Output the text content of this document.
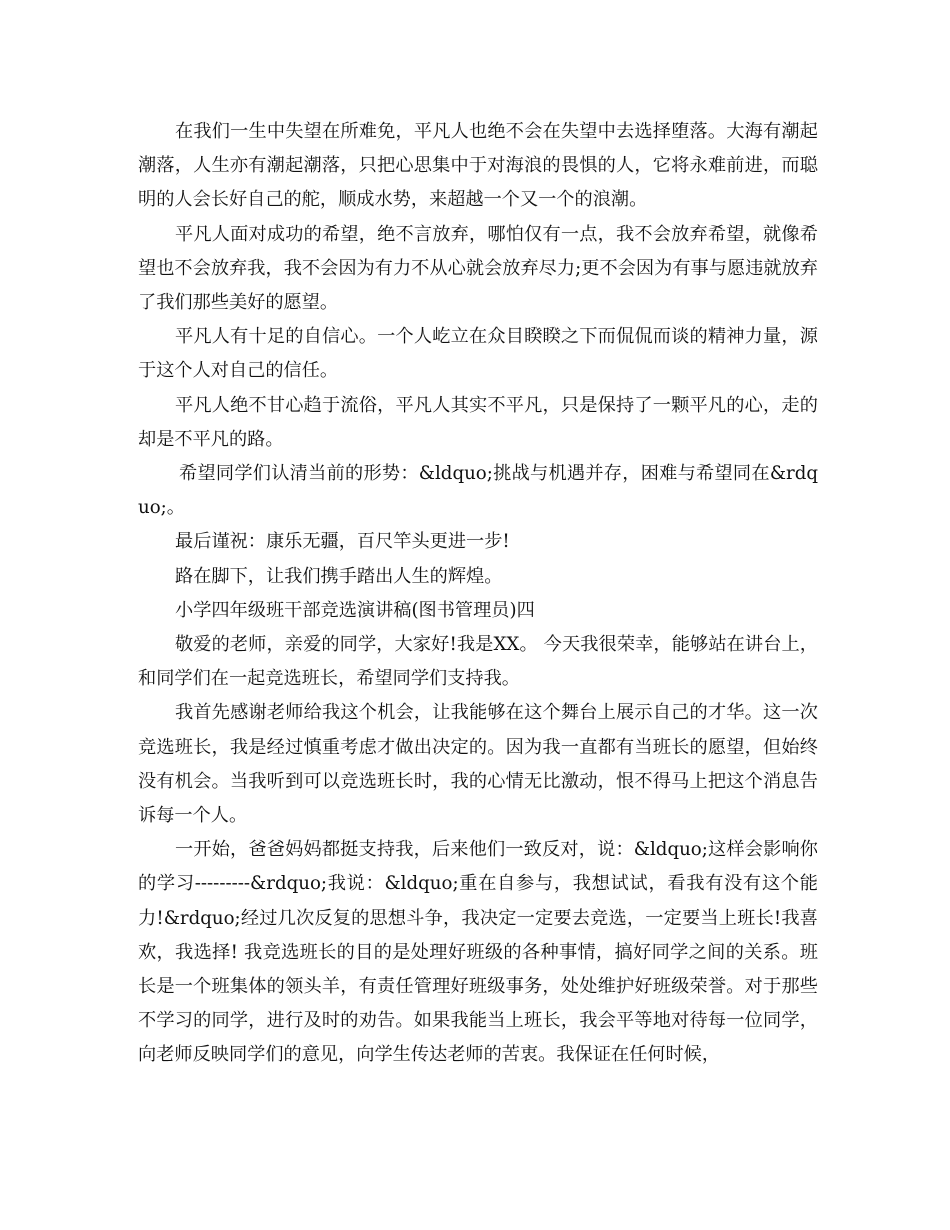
在我们一生中失望在所难免，平凡人也绝不会在失望中去选择堕落。大海有潮起潮落，人生亦有潮起潮落，只把心思集中于对海浪的畏惧的人，它将永难前进，而聪明的人会长好自己的舵，顺成水势，来超越一个又一个的浪潮。

平凡人面对成功的希望，绝不言放弃，哪怕仅有一点，我不会放弃希望，就像希望也不会放弃我，我不会因为有力不从心就会放弃尽力;更不会因为有事与愿违就放弃了我们那些美好的愿望。

平凡人有十足的自信心。一个人屹立在众目睽睽之下而侃侃而谈的精神力量，源于这个人对自己的信任。

平凡人绝不甘心趋于流俗，平凡人其实不平凡，只是保持了一颗平凡的心，走的却是不平凡的路。

希望同学们认清当前的形势：&ldquo;挑战与机遇并存，困难与希望同在&rdquo;。

最后谨祝：康乐无疆，百尺竿头更进一步!

路在脚下，让我们携手踏出人生的辉煌。

小学四年级班干部竞选演讲稿(图书管理员)四

敬爱的老师，亲爱的同学，大家好!我是XX。 今天我很荣幸，能够站在讲台上，和同学们在一起竞选班长，希望同学们支持我。

我首先感谢老师给我这个机会，让我能够在这个舞台上展示自己的才华。这一次竞选班长，我是经过慎重考虑才做出决定的。因为我一直都有当班长的愿望，但始终没有机会。当我听到可以竞选班长时，我的心情无比激动，恨不得马上把这个消息告诉每一个人。

一开始，爸爸妈妈都挺支持我，后来他们一致反对，说：&ldquo;这样会影响你的学习---------&rdquo;我说：&ldquo;重在自参与，我想试试，看我有没有这个能力!&rdquo;经过几次反复的思想斗争，我决定一定要去竞选，一定要当上班长!我喜欢，我选择! 我竞选班长的目的是处理好班级的各种事情，搞好同学之间的关系。班长是一个班集体的领头羊，有责任管理好班级事务，处处维护好班级荣誉。对于那些不学习的同学，进行及时的劝告。如果我能当上班长，我会平等地对待每一位同学，向老师反映同学们的意见，向学生传达老师的苦衷。我保证在任何时候，
